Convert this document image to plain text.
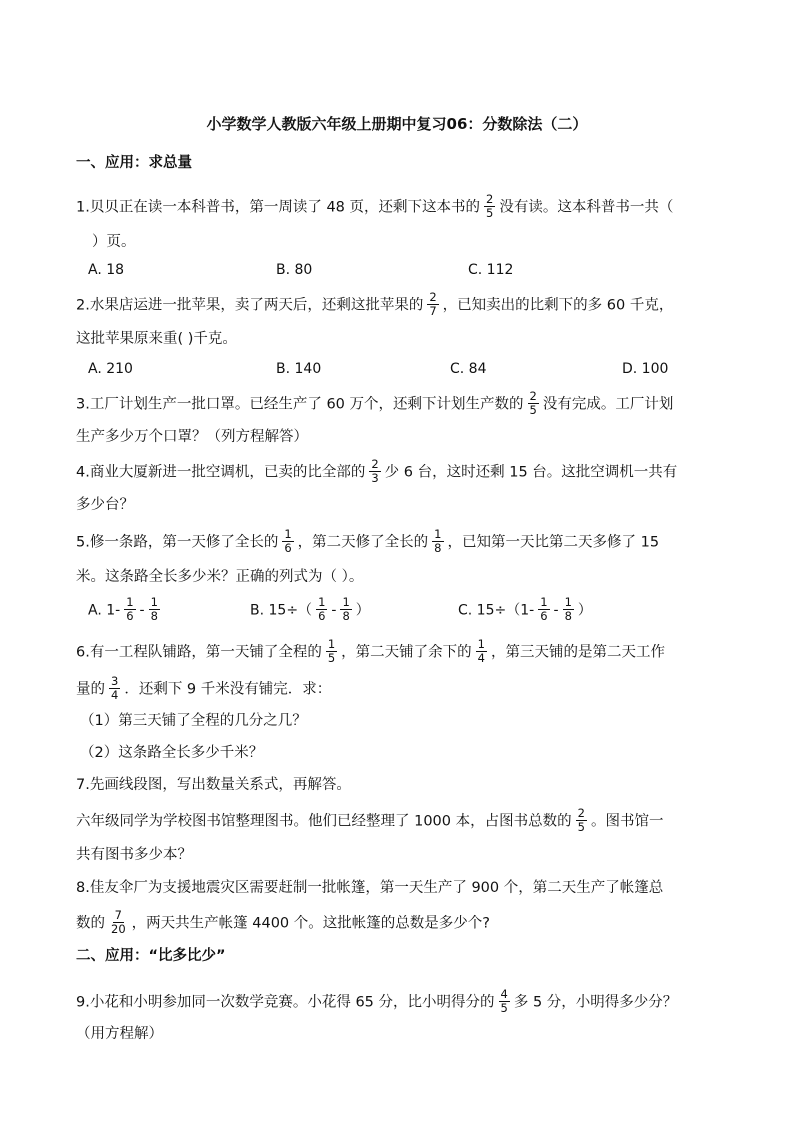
小学数学人教版六年级上册期中复习06：分数除法（二）
一、应用：求总量
1.贝贝正在读一本科普书，第一周读了 48 页，还剩下这本书的 $\frac{2}{5}$ 没有读。这本科普书一共（
）页。
A. 18	B. 80	C. 112
2.水果店运进一批苹果，卖了两天后，还剩这批苹果的 $\frac{2}{7}$ ，已知卖出的比剩下的多 60 千克，
这批苹果原来重( )千克。
A. 210	B. 140	C. 84	D. 100
3.工厂计划生产一批口罩。已经生产了 60 万个，还剩下计划生产数的 $\frac{2}{5}$ 没有完成。工厂计划
生产多少万个口罩？（列方程解答）
4.商业大厦新进一批空调机，已卖的比全部的 $\frac{2}{3}$ 少 6 台，这时还剩 15 台。这批空调机一共有
多少台？
5.修一条路，第一天修了全长的 $\frac{1}{6}$ ，第二天修了全长的 $\frac{1}{8}$ ，已知第一天比第二天多修了 15
米。这条路全长多少米？正确的列式为（ ）。
A. $1- \frac{1}{6} - \frac{1}{8}$	B. $15\div( \frac{1}{6} - \frac{1}{8}$ ）	C. $15\div(1- \frac{1}{6} - \frac{1}{8}$ ）
6.有一工程队铺路，第一天铺了全程的 $\frac{1}{5}$ ，第二天铺了余下的 $\frac{1}{4}$ ，第三天铺的是第二天工作
量的 $\frac{3}{4}$ ．还剩下 9 千米没有铺完．求：
（1）第三天铺了全程的几分之几？
（2）这条路全长多少千米？
7.先画线段图，写出数量关系式，再解答。
六年级同学为学校图书馆整理图书。他们已经整理了 1000 本，占图书总数的 $\frac{2}{5}$ 。图书馆一
共有图书多少本？
8.佳友伞厂为支援地震灾区需要赶制一批帐篷，第一天生产了 900 个，第二天生产了帐篷总
数的 $\frac{7}{20}$ ，两天共生产帐篷 4400 个。这批帐篷的总数是多少个?
二、应用：“比多比少”
9.小花和小明参加同一次数学竞赛。小花得 65 分，比小明得分的 $\frac{4}{5}$ 多 5 分，小明得多少分？
（用方程解）
